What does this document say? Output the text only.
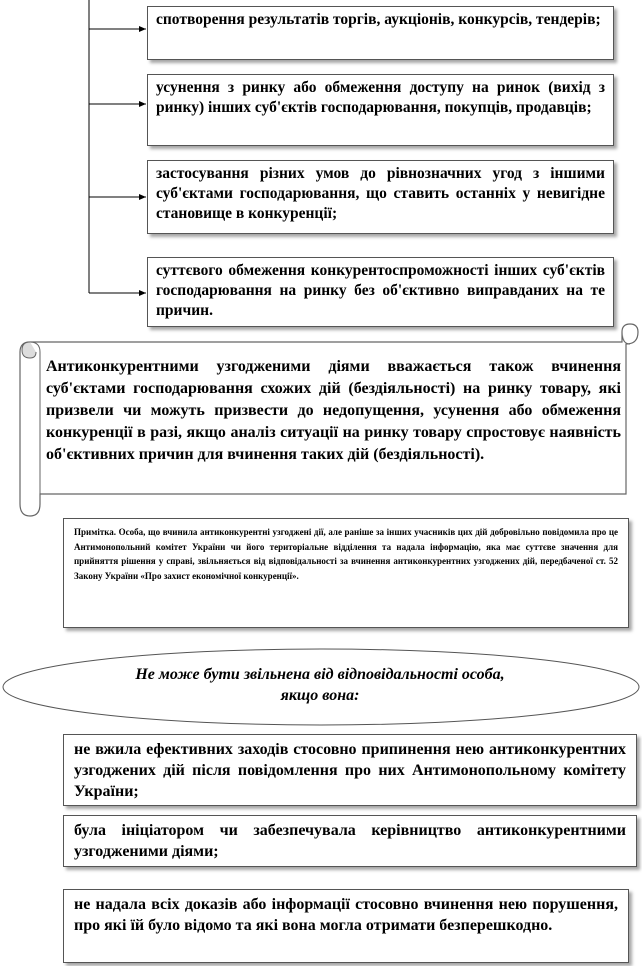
спотворення результатів торгів, аукціонів, конкурсів, тендерів;
усунення з ринку або обмеження доступу на ринок (вихід з ринку) інших суб'єктів господарювання, покупців, продавців;
застосування різних умов до рівнозначних угод з іншими суб'єктами господарювання, що ставить останніх у невигідне становище в конкуренції;
суттєвого обмеження конкурентоспроможності інших суб'єктів господарювання на ринку без об'єктивно виправданих на те причин.
Антиконкурентними узгодженими діями вважається також вчинення суб'єктами господарювання схожих дій (бездіяльності) на ринку товару, які призвели чи можуть призвести до недопущення, усунення або обмеження конкуренції в разі, якщо аналіз ситуації на ринку товару спростовує наявність об'єктивних причин для вчинення таких дій (бездіяльності).
Примітка. Особа, що вчинила антиконкурентні узгоджені дії, але раніше за інших учасників цих дій добровільно повідомила про це Антимонопольний комітет України чи його територіальне відділення та надала інформацію, яка має суттєве значення для прийняття рішення у справі, звільняється від відповідальності за вчинення антиконкурентних узгоджених дій, передбаченої ст. 52 Закону України «Про захист економічної конкуренції».
Не може бути звільнена від відповідальності особа,
якщо вона:
не вжила ефективних заходів стосовно припинення нею антиконкурентних узгоджених дій після повідомлення про них Антимонопольному комітету України;
була ініціатором чи забезпечувала керівництво антиконкурентними узгодженими діями;
не надала всіх доказів або інформації стосовно вчинення нею порушення, про які їй було відомо та які вона могла отримати безперешкодно.
